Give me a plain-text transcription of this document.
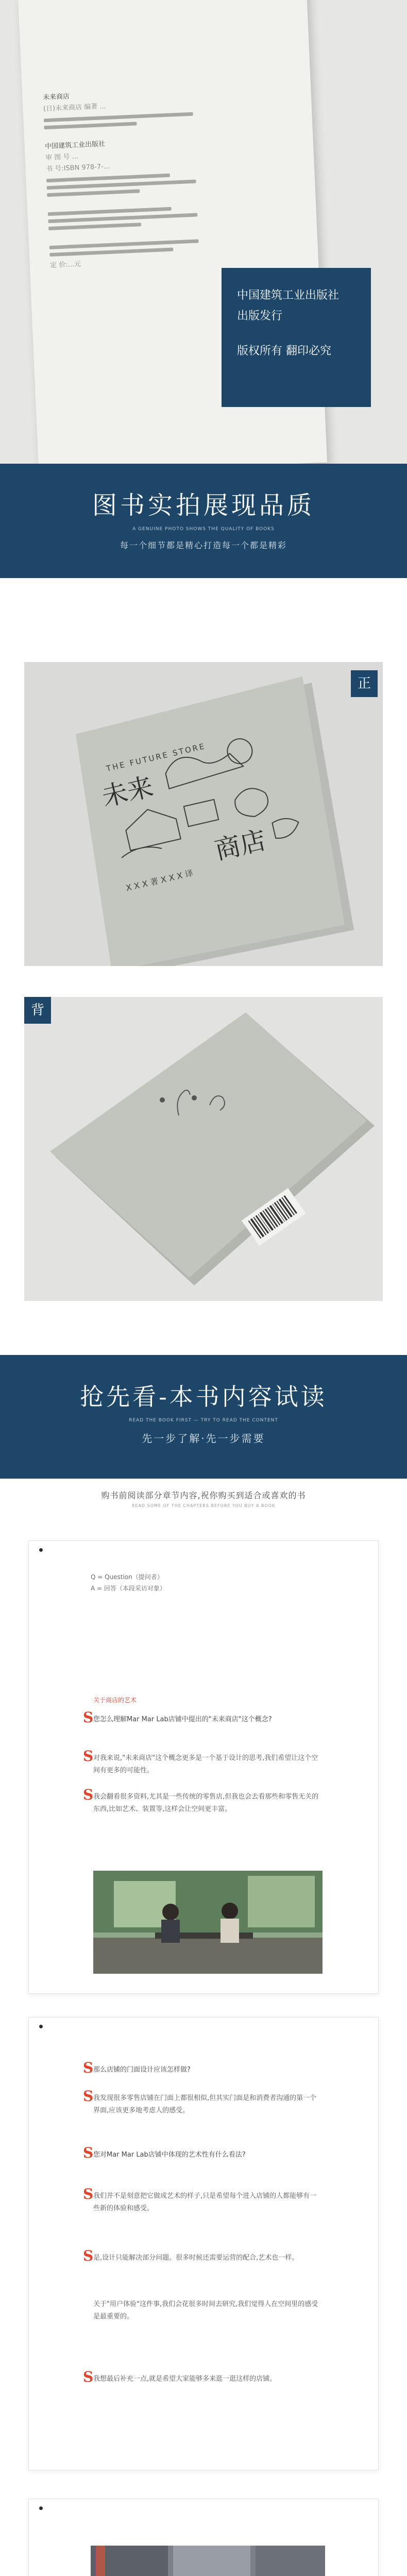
未来商店
(日)未来商店 编著 ...
中国建筑工业出版社
审 图 号 ...
书 号:ISBN 978-7-...
定 价:...元
中国建筑工业出版社
出版发行
版权所有 翻印必究
图书实拍展现品质
A GENUINE PHOTO SHOWS THE QUALITY OF BOOKS
每一个细节都是精心打造每一个都是精彩
THE FUTURE STORE
未来
商店
X X X 著 X X X 译
正
背
抢先看-本书内容试读
READ THE BOOK FIRST — TRY TO READ THE CONTENT
先一步了解·先一步需要
购书前阅读部分章节内容,祝你购买到适合或喜欢的书
READ SOME OF THE CHAPTERS BEFORE YOU BUY A BOOK
Q = Question（提问者）
A = 回答（本段采访对象）
关于商店的艺术
S 您怎么理解Mar Mar Lab店铺中提出的"未来商店"这个概念?
S 对我来说,"未来商店"这个概念更多是一个基于设计的思考,我们希望让这个空间有更多的可能性。
S 我会翻看很多资料,尤其是一些传统的零售店,但我也会去看那些和零售无关的东西,比如艺术、装置等,这样会让空间更丰富。
S 那么店铺的门面设计应该怎样做?
S 我发现很多零售店铺在门面上都很相似,但其实门面是和消费者沟通的第一个界面,应该更多地考虑人的感受。
S 您对Mar Mar Lab店铺中体现的艺术性有什么看法?
S 我们并不是刻意把它做成艺术的样子,只是希望每个进入店铺的人都能够有一些新的体验和感受。
S 是,设计只能解决部分问题。很多时候还需要运营的配合,艺术也一样。
关于"用户体验"这件事,我们会花很多时间去研究,我们觉得人在空间里的感受是最重要的。
S 我想最后补充一点,就是希望大家能够多来逛一逛这样的店铺。
